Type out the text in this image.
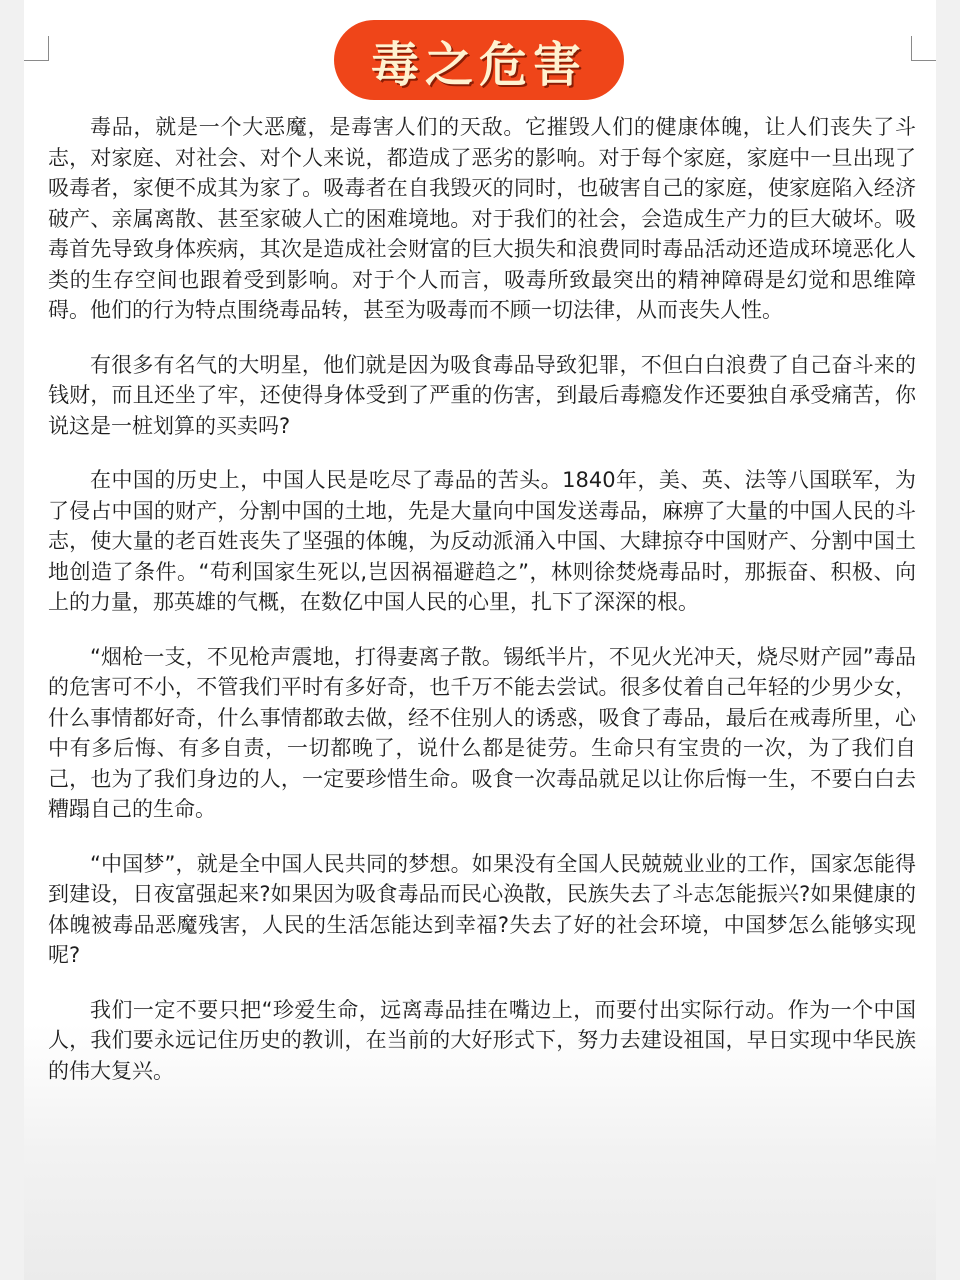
毒之危害

毒品，就是一个大恶魔，是毒害人们的天敌。它摧毁人们的健康体魄，让人们丧失了斗志，对家庭、对社会、对个人来说，都造成了恶劣的影响。对于每个家庭，家庭中一旦出现了吸毒者，家便不成其为家了。吸毒者在自我毁灭的同时，也破害自己的家庭，使家庭陷入经济破产、亲属离散、甚至家破人亡的困难境地。对于我们的社会，会造成生产力的巨大破坏。吸毒首先导致身体疾病，其次是造成社会财富的巨大损失和浪费同时毒品活动还造成环境恶化人类的生存空间也跟着受到影响。对于个人而言，吸毒所致最突出的精神障碍是幻觉和思维障碍。他们的行为特点围绕毒品转，甚至为吸毒而不顾一切法律，从而丧失人性。

有很多有名气的大明星，他们就是因为吸食毒品导致犯罪，不但白白浪费了自己奋斗来的钱财，而且还坐了牢，还使得身体受到了严重的伤害，到最后毒瘾发作还要独自承受痛苦，你说这是一桩划算的买卖吗?

在中国的历史上，中国人民是吃尽了毒品的苦头。1840年，美、英、法等八国联军，为了侵占中国的财产，分割中国的土地，先是大量向中国发送毒品，麻痹了大量的中国人民的斗志，使大量的老百姓丧失了坚强的体魄，为反动派涌入中国、大肆掠夺中国财产、分割中国土地创造了条件。“苟利国家生死以,岂因祸福避趋之”，林则徐焚烧毒品时，那振奋、积极、向上的力量，那英雄的气概，在数亿中国人民的心里，扎下了深深的根。

“烟枪一支，不见枪声震地，打得妻离子散。锡纸半片，不见火光冲天，烧尽财产园”毒品的危害可不小，不管我们平时有多好奇，也千万不能去尝试。很多仗着自己年轻的少男少女，什么事情都好奇，什么事情都敢去做，经不住别人的诱惑，吸食了毒品，最后在戒毒所里，心中有多后悔、有多自责，一切都晚了，说什么都是徒劳。生命只有宝贵的一次，为了我们自己，也为了我们身边的人，一定要珍惜生命。吸食一次毒品就足以让你后悔一生，不要白白去糟蹋自己的生命。

“中国梦”，就是全中国人民共同的梦想。如果没有全国人民兢兢业业的工作，国家怎能得到建设，日夜富强起来?如果因为吸食毒品而民心涣散，民族失去了斗志怎能振兴?如果健康的体魄被毒品恶魔残害，人民的生活怎能达到幸福?失去了好的社会环境，中国梦怎么能够实现呢?

我们一定不要只把“珍爱生命，远离毒品挂在嘴边上，而要付出实际行动。作为一个中国人，我们要永远记住历史的教训，在当前的大好形式下，努力去建设祖国，早日实现中华民族的伟大复兴。
